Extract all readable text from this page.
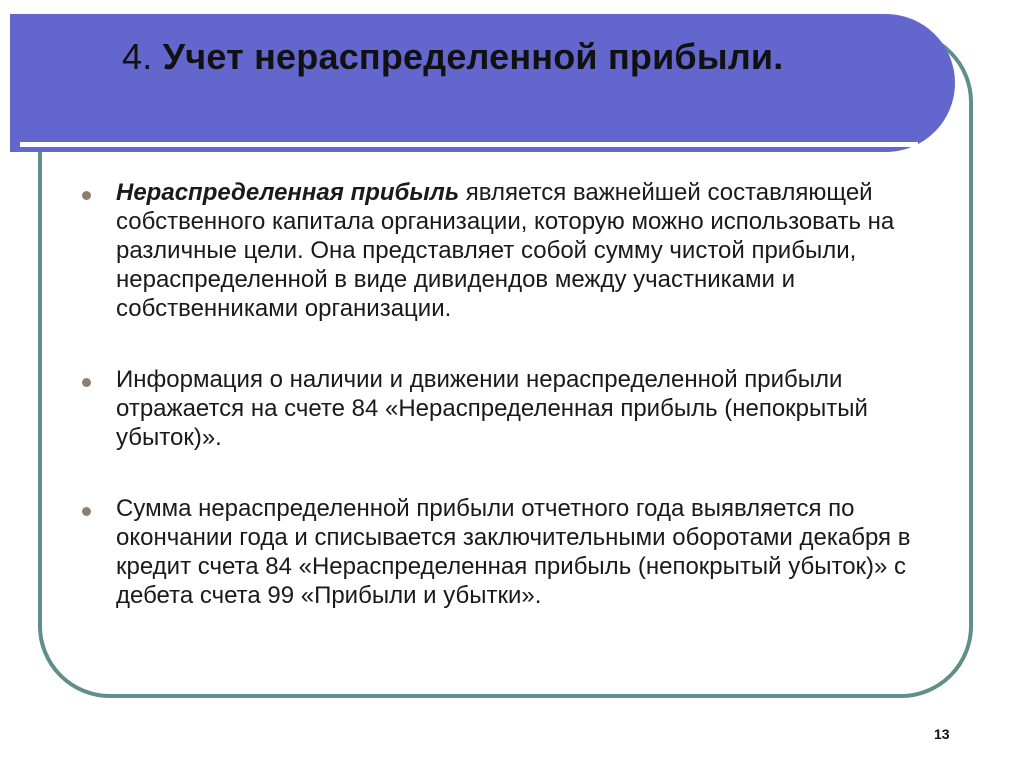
4. Учет нераспределенной прибыли.
Нераспределенная прибыль является важнейшей составляющей собственного капитала организации, которую можно использовать на различные цели. Она представляет собой сумму чистой прибыли, нераспределенной в виде дивидендов между участниками и собственниками организации.
Информация о наличии и движении нераспределенной прибыли отражается на счете 84 «Нераспределенная прибыль (непокрытый убыток)».
Сумма нераспределенной прибыли отчетного года выявляется по окончании года и списывается заключительными оборотами декабря в кредит счета 84 «Нераспределенная прибыль (непокрытый убыток)» с дебета счета 99 «Прибыли и убытки».
13
